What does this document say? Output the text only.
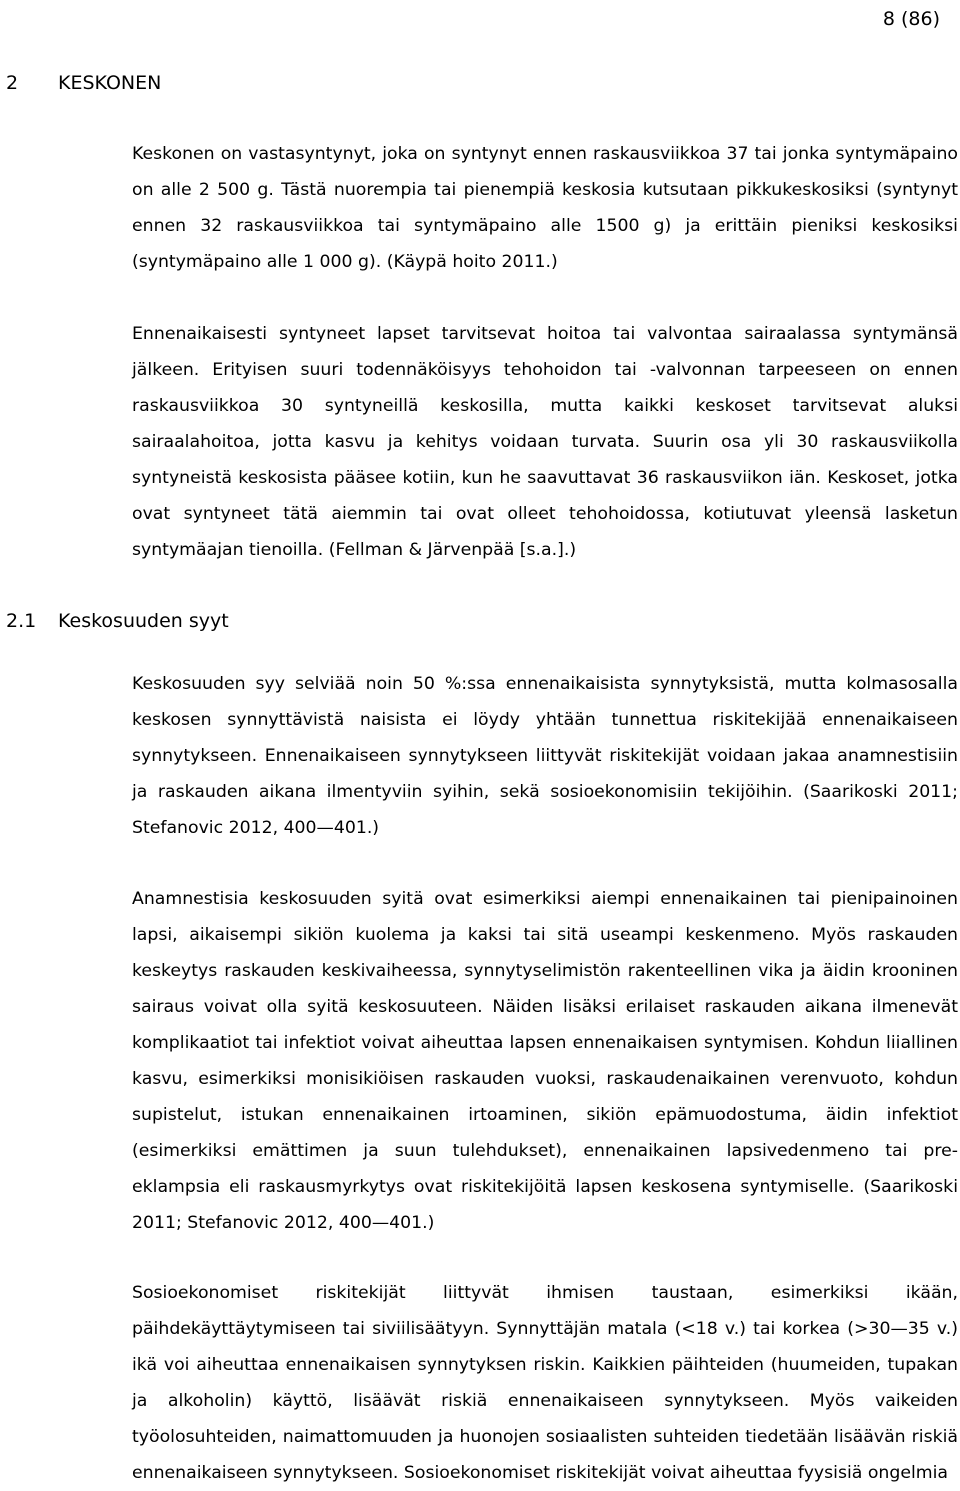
8 (86)
2 KESKONEN

Keskonen on vastasyntynyt, joka on syntynyt ennen raskausviikkoa 37 tai jonka syntymäpaino on alle 2 500 g. Tästä nuorempia tai pienempiä keskosia kutsutaan pikkukeskosiksi (syntynyt ennen 32 raskausviikkoa tai syntymäpaino alle 1500 g) ja erittäin pieniksi keskosiksi (syntymäpaino alle 1 000 g). (Käypä hoito 2011.)

Ennenaikaisesti syntyneet lapset tarvitsevat hoitoa tai valvontaa sairaalassa syntymänsä jälkeen. Erityisen suuri todennäköisyys tehohoidon tai -valvonnan tarpeeseen on ennen raskausviikkoa 30 syntyneillä keskosilla, mutta kaikki keskoset tarvitsevat aluksi sairaalahoitoa, jotta kasvu ja kehitys voidaan turvata. Suurin osa yli 30 raskausviikolla syntyneistä keskosista pääsee kotiin, kun he saavuttavat 36 raskausviikon iän. Keskoset, jotka ovat syntyneet tätä aiemmin tai ovat olleet tehohoidossa, kotiutuvat yleensä lasketun syntymäajan tienoilla. (Fellman & Järvenpää [s.a.].)

2.1 Keskosuuden syyt

Keskosuuden syy selviää noin 50 %:ssa ennenaikaisista synnytyksistä, mutta kolmasosalla keskosen synnyttävistä naisista ei löydy yhtään tunnettua riskitekijää ennenaikaiseen synnytykseen. Ennenaikaiseen synnytykseen liittyvät riskitekijät voidaan jakaa anamnestisiin ja raskauden aikana ilmentyviin syihin, sekä sosioekonomisiin tekijöihin. (Saarikoski 2011; Stefanovic 2012, 400—401.)

Anamnestisia keskosuuden syitä ovat esimerkiksi aiempi ennenaikainen tai pienipainoinen lapsi, aikaisempi sikiön kuolema ja kaksi tai sitä useampi keskenmeno. Myös raskauden keskeytys raskauden keskivaiheessa, synnytyselimistön rakenteellinen vika ja äidin krooninen sairaus voivat olla syitä keskosuuteen. Näiden lisäksi erilaiset raskauden aikana ilmenevät komplikaatiot tai infektiot voivat aiheuttaa lapsen ennenaikaisen syntymisen. Kohdun liiallinen kasvu, esimerkiksi monisikiöisen raskauden vuoksi, raskaudenaikainen verenvuoto, kohdun supistelut, istukan ennenaikainen irtoaminen, sikiön epämuodostuma, äidin infektiot (esimerkiksi emättimen ja suun tulehdukset), ennenaikainen lapsivedenmeno tai pre-eklampsia eli raskausmyrkytys ovat riskitekijöitä lapsen keskosena syntymiselle. (Saarikoski 2011; Stefanovic 2012, 400—401.)

Sosioekonomiset riskitekijät liittyvät ihmisen taustaan, esimerkiksi ikään, päihdekäyttäytymiseen tai siviilisäätyyn. Synnyttäjän matala (<18 v.) tai korkea (>30—35 v.) ikä voi aiheuttaa ennenaikaisen synnytyksen riskin. Kaikkien päihteiden (huumeiden, tupakan ja alkoholin) käyttö, lisäävät riskiä ennenaikaiseen synnytykseen. Myös vaikeiden työolosuhteiden, naimattomuuden ja huonojen sosiaalisten suhteiden tiedetään lisäävän riskiä ennenaikaiseen synnytykseen. Sosioekonomiset riskitekijät voivat aiheuttaa fyysisiä ongelmia
